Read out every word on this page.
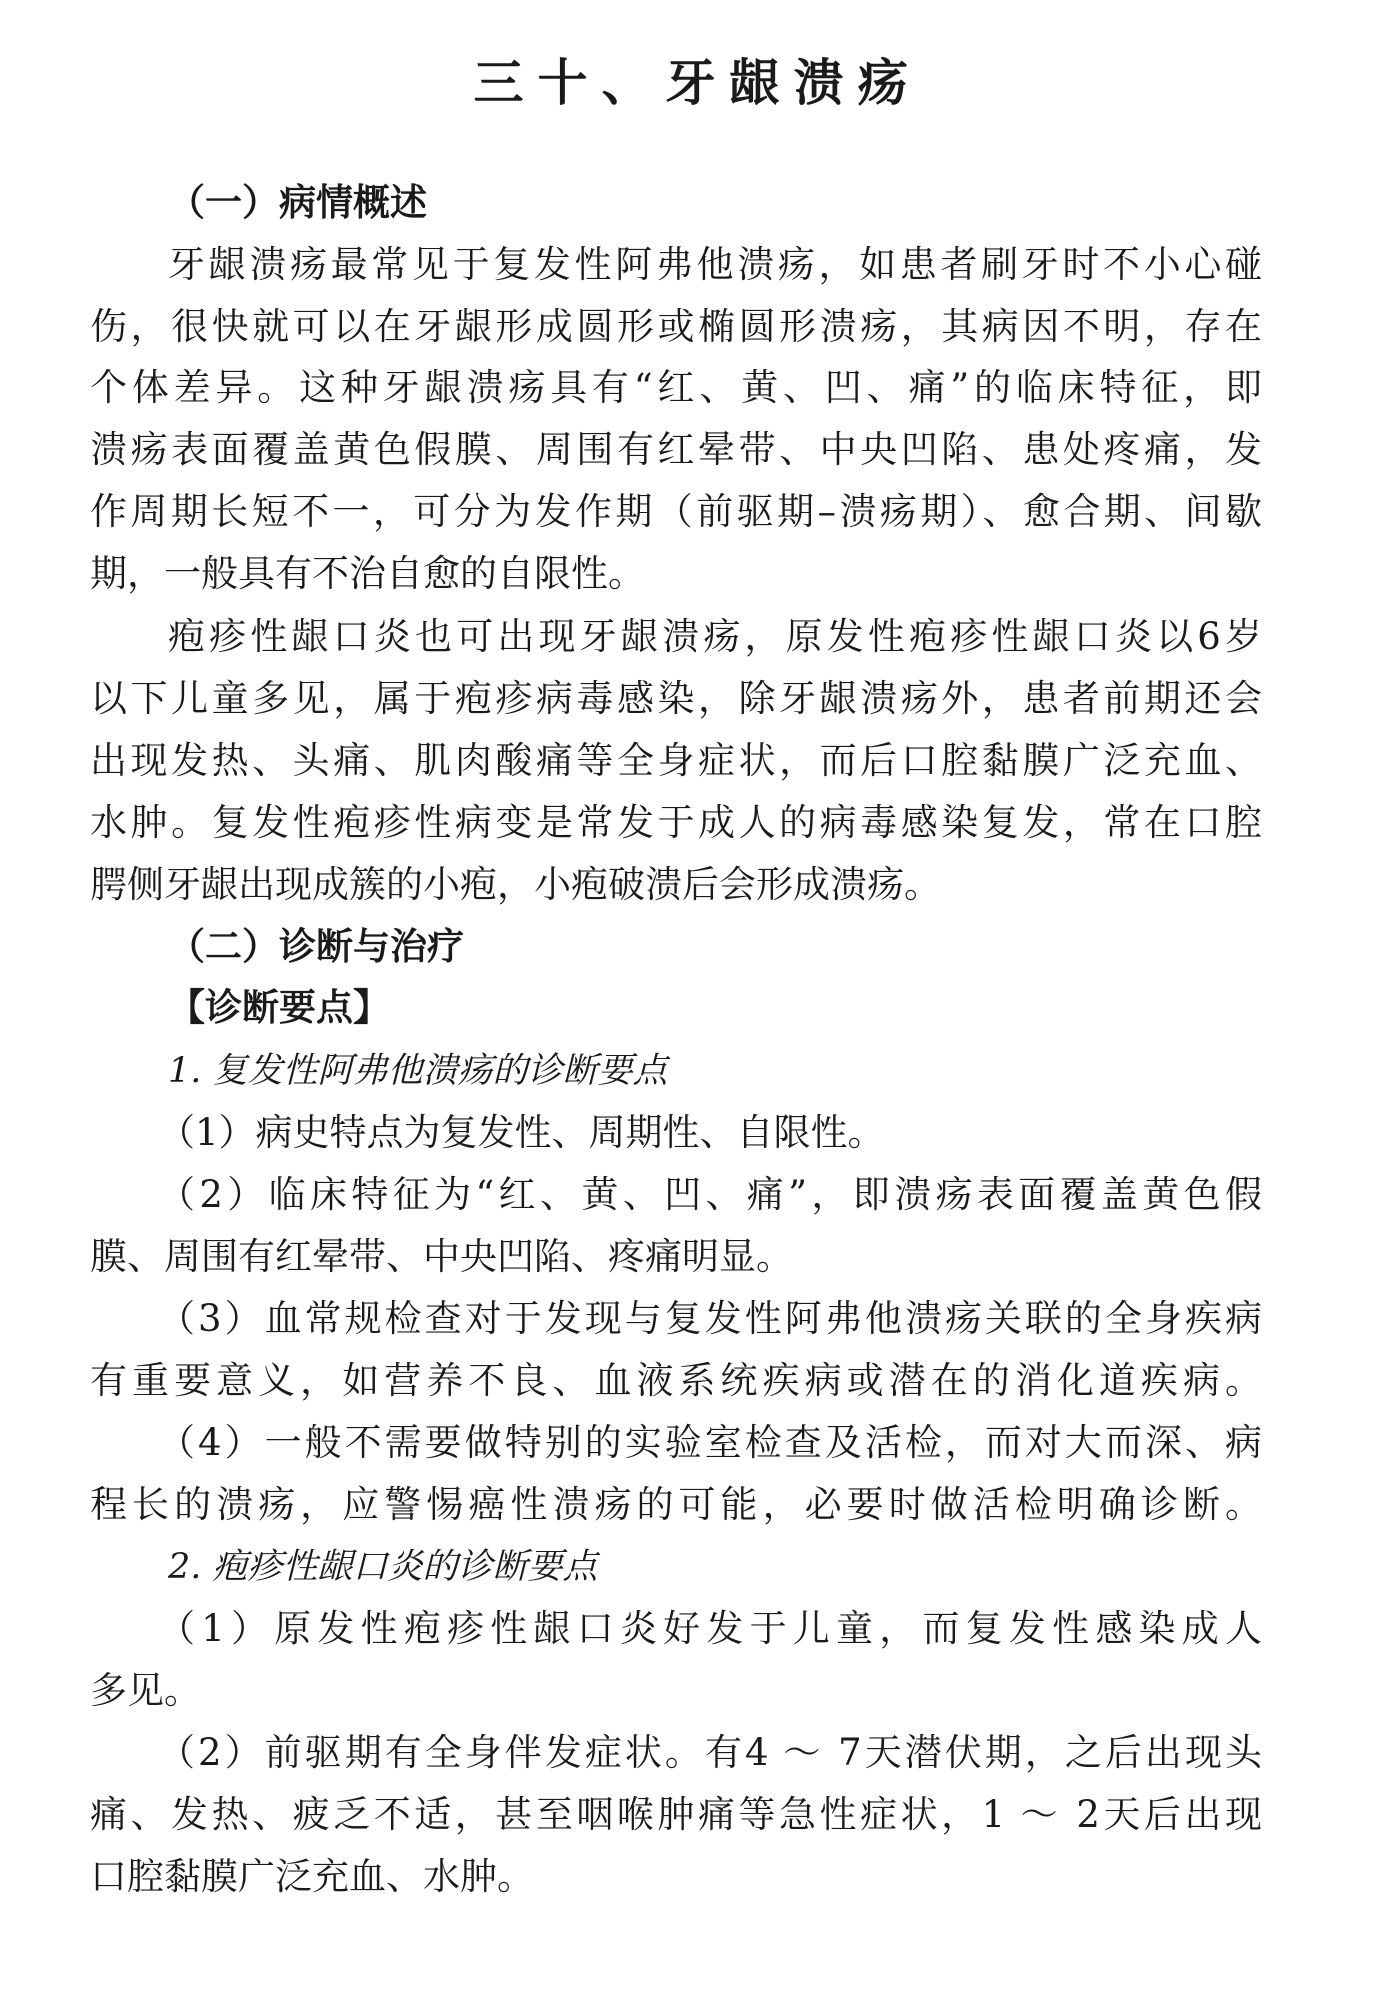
三十、牙龈溃疡
（一）病情概述
牙龈溃疡最常见于复发性阿弗他溃疡，如患者刷牙时不小心碰
伤，很快就可以在牙龈形成圆形或椭圆形溃疡，其病因不明，存在
个体差异。这种牙龈溃疡具有“红、黄、凹、痛”的临床特征，即
溃疡表面覆盖黄色假膜、周围有红晕带、中央凹陷、患处疼痛，发
作周期长短不一，可分为发作期（前驱期–溃疡期）、愈合期、间歇
期，一般具有不治自愈的自限性。
疱疹性龈口炎也可出现牙龈溃疡，原发性疱疹性龈口炎以6岁
以下儿童多见，属于疱疹病毒感染，除牙龈溃疡外，患者前期还会
出现发热、头痛、肌肉酸痛等全身症状，而后口腔黏膜广泛充血、
水肿。复发性疱疹性病变是常发于成人的病毒感染复发，常在口腔
腭侧牙龈出现成簇的小疱，小疱破溃后会形成溃疡。
（二）诊断与治疗
【诊断要点】
1. 复发性阿弗他溃疡的诊断要点
（1）病史特点为复发性、周期性、自限性。
（2）临床特征为“红、黄、凹、痛”，即溃疡表面覆盖黄色假
膜、周围有红晕带、中央凹陷、疼痛明显。
（3）血常规检查对于发现与复发性阿弗他溃疡关联的全身疾病
有重要意义，如营养不良、血液系统疾病或潜在的消化道疾病。
（4）一般不需要做特别的实验室检查及活检，而对大而深、病
程长的溃疡，应警惕癌性溃疡的可能，必要时做活检明确诊断。
2. 疱疹性龈口炎的诊断要点
（1）原发性疱疹性龈口炎好发于儿童，而复发性感染成人
多见。
（2）前驱期有全身伴发症状。有4 ～ 7天潜伏期，之后出现头
痛、发热、疲乏不适，甚至咽喉肿痛等急性症状，1 ～ 2天后出现
口腔黏膜广泛充血、水肿。
